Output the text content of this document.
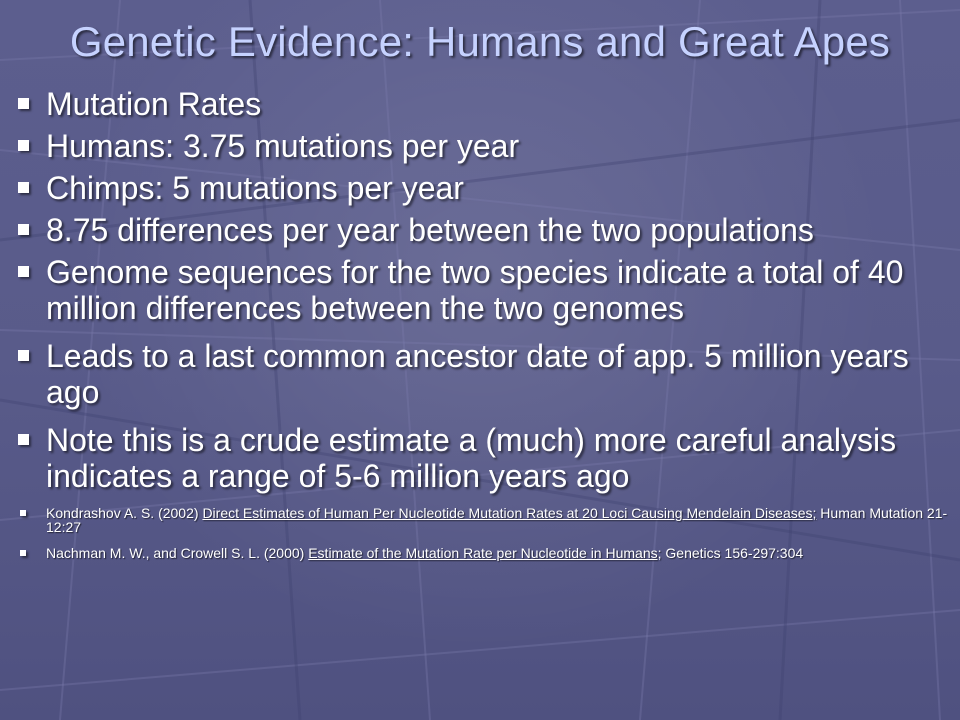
Genetic Evidence: Humans and Great Apes
Mutation Rates
Humans: 3.75 mutations per year
Chimps: 5 mutations per year
8.75 differences per year between the two populations
Genome sequences for the two species indicate a total of 40 million differences between the two genomes
Leads to a last common ancestor date of app. 5 million years ago
Note this is a crude estimate a (much) more careful analysis indicates a range of 5-6 million years ago
Kondrashov A. S. (2002) Direct Estimates of Human Per Nucleotide Mutation Rates at 20 Loci Causing Mendelain Diseases; Human Mutation 21-12:27
Nachman M. W., and Crowell S. L. (2000) Estimate of the Mutation Rate per Nucleotide in Humans; Genetics 156-297:304
